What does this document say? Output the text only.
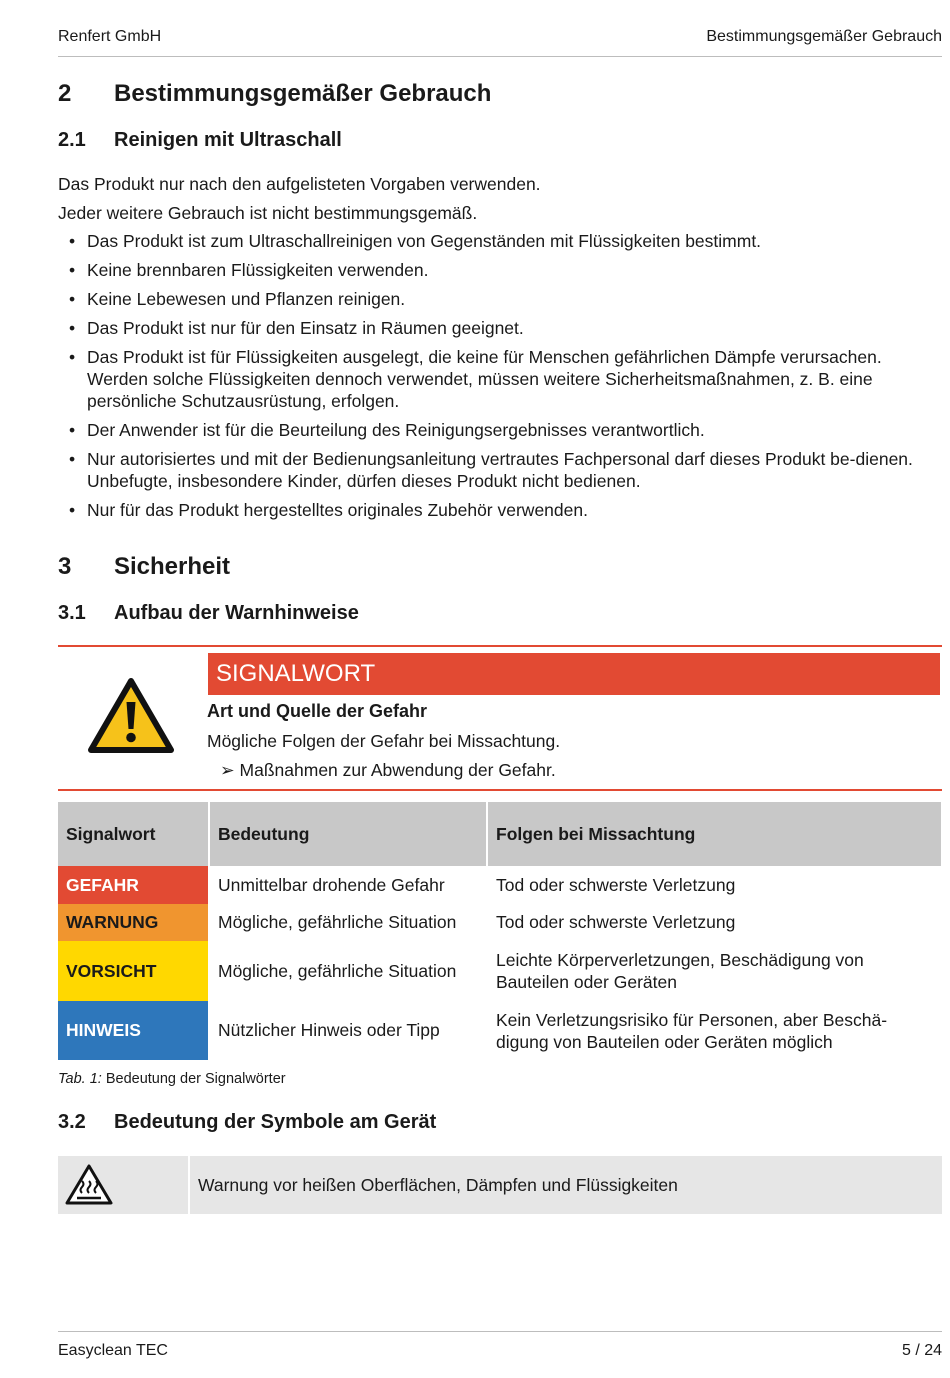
Renfert GmbH	Bestimmungsgemäßer Gebrauch
2 Bestimmungsgemäßer Gebrauch
2.1 Reinigen mit Ultraschall
Das Produkt nur nach den aufgelisteten Vorgaben verwenden.
Jeder weitere Gebrauch ist nicht bestimmungsgemäß.
• Das Produkt ist zum Ultraschallreinigen von Gegenständen mit Flüssigkeiten bestimmt.
• Keine brennbaren Flüssigkeiten verwenden.
• Keine Lebewesen und Pflanzen reinigen.
• Das Produkt ist nur für den Einsatz in Räumen geeignet.
• Das Produkt ist für Flüssigkeiten ausgelegt, die keine für Menschen gefährlichen Dämpfe verursachen. Werden solche Flüssigkeiten dennoch verwendet, müssen weitere Sicherheitsmaßnahmen, z. B. eine persönliche Schutzausrüstung, erfolgen.
• Der Anwender ist für die Beurteilung des Reinigungsergebnisses verantwortlich.
• Nur autorisiertes und mit der Bedienungsanleitung vertrautes Fachpersonal darf dieses Produkt be-dienen. Unbefugte, insbesondere Kinder, dürfen dieses Produkt nicht bedienen.
• Nur für das Produkt hergestelltes originales Zubehör verwenden.
3 Sicherheit
3.1 Aufbau der Warnhinweise
SIGNALWORT
Art und Quelle der Gefahr
Mögliche Folgen der Gefahr bei Missachtung.
➢ Maßnahmen zur Abwendung der Gefahr.
Signalwort	Bedeutung	Folgen bei Missachtung
GEFAHR	Unmittelbar drohende Gefahr	Tod oder schwerste Verletzung
WARNUNG	Mögliche, gefährliche Situation	Tod oder schwerste Verletzung
VORSICHT	Mögliche, gefährliche Situation	Leichte Körperverletzungen, Beschädigung von Bauteilen oder Geräten
HINWEIS	Nützlicher Hinweis oder Tipp	Kein Verletzungsrisiko für Personen, aber Beschä-digung von Bauteilen oder Geräten möglich
Tab. 1: Bedeutung der Signalwörter
3.2 Bedeutung der Symbole am Gerät
Warnung vor heißen Oberflächen, Dämpfen und Flüssigkeiten
Easyclean TEC	5 / 24
